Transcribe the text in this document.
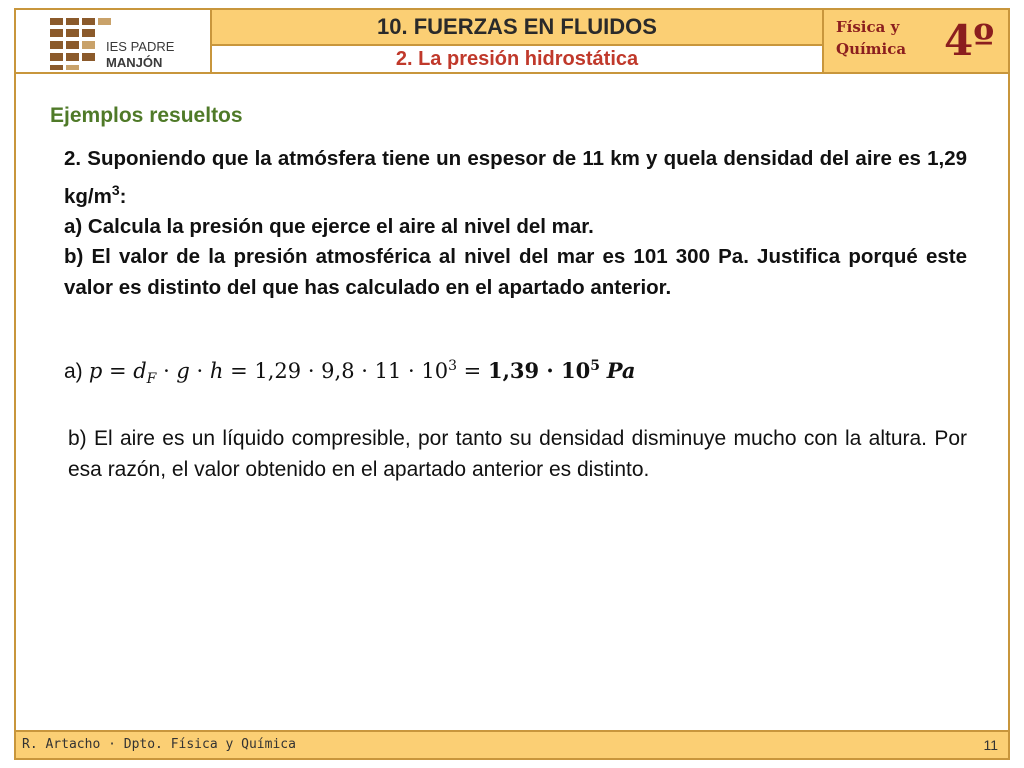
IES PADRE
MANJÓN
10. FUERZAS EN FLUIDOS
2. La presión hidrostática
Física y
Química 4º
Ejemplos resueltos

2. Suponiendo que la atmósfera tiene un espesor de 11 km y quela densidad del aire es 1,29 $kg/m^3$:

a) Calcula la presión que ejerce el aire al nivel del mar.

b) El valor de la presión atmosférica al nivel del mar es 101 300 Pa. Justifica porqué este valor es distinto del que has calculado en el apartado anterior.

a) $p = d_F \cdot g \cdot h = 1,29 \cdot 9,8 \cdot 11 \cdot 10^3 = 1,39 \cdot 10^5$ Pa

b) El aire es un líquido compresible, por tanto su densidad disminuye mucho con la altura. Por esa razón, el valor obtenido en el apartado anterior es distinto.

R. Artacho · Dpto. Física y Química	11
